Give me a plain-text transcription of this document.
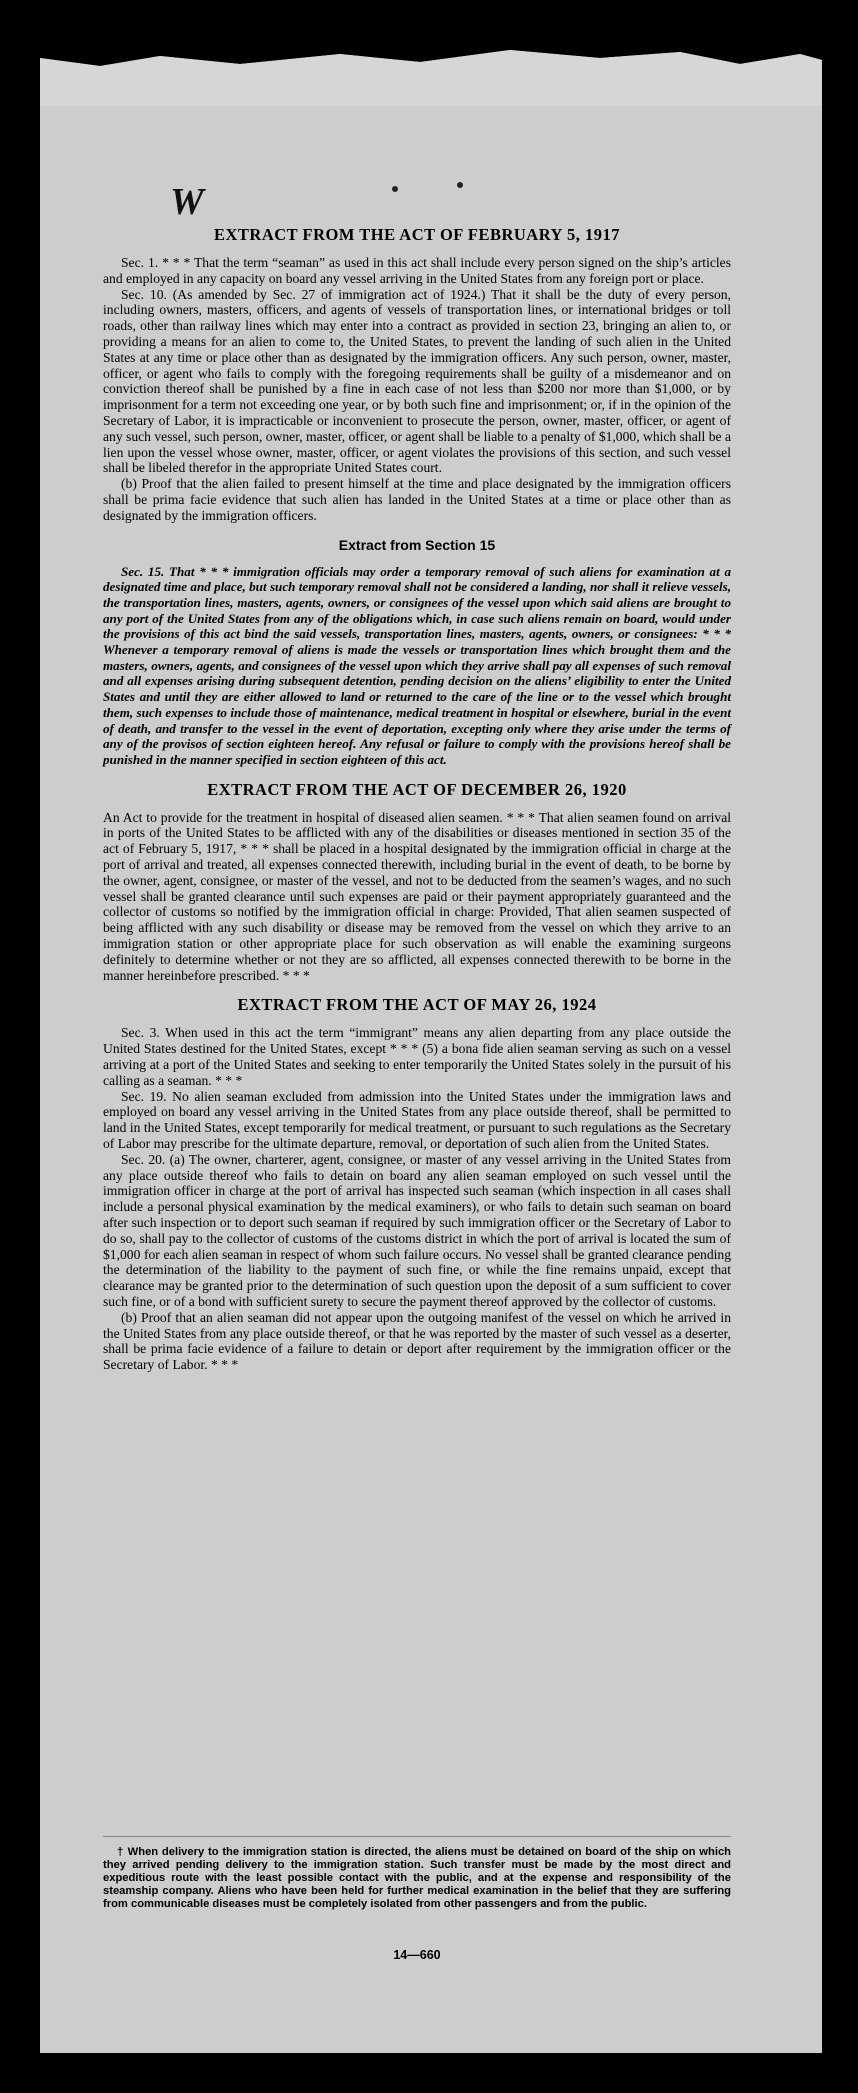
W
EXTRACT FROM THE ACT OF FEBRUARY 5, 1917

Sec. 1. * * * That the term “seaman” as used in this act shall include every person signed on the ship’s articles and employed in any capacity on board any vessel arriving in the United States from any foreign port or place.

Sec. 10. (As amended by Sec. 27 of immigration act of 1924.) That it shall be the duty of every person, including owners, masters, officers, and agents of vessels of transportation lines, or international bridges or toll roads, other than railway lines which may enter into a contract as provided in section 23, bringing an alien to, or providing a means for an alien to come to, the United States, to prevent the landing of such alien in the United States at any time or place other than as designated by the immigration officers. Any such person, owner, master, officer, or agent who fails to comply with the foregoing requirements shall be guilty of a misdemeanor and on conviction thereof shall be punished by a fine in each case of not less than $200 nor more than $1,000, or by imprisonment for a term not exceeding one year, or by both such fine and imprisonment; or, if in the opinion of the Secretary of Labor, it is impracticable or inconvenient to prosecute the person, owner, master, officer, or agent of any such vessel, such person, owner, master, officer, or agent shall be liable to a penalty of $1,000, which shall be a lien upon the vessel whose owner, master, officer, or agent violates the provisions of this section, and such vessel shall be libeled therefor in the appropriate United States court.

(b) Proof that the alien failed to present himself at the time and place designated by the immigration officers shall be prima facie evidence that such alien has landed in the United States at a time or place other than as designated by the immigration officers.

Extract from Section 15

Sec. 15. That * * * immigration officials may order a temporary removal of such aliens for examination at a designated time and place, but such temporary removal shall not be considered a landing, nor shall it relieve vessels, the transportation lines, masters, agents, owners, or consignees of the vessel upon which said aliens are brought to any port of the United States from any of the obligations which, in case such aliens remain on board, would under the provisions of this act bind the said vessels, transportation lines, masters, agents, owners, or consignees: * * * Whenever a temporary removal of aliens is made the vessels or transportation lines which brought them and the masters, owners, agents, and consignees of the vessel upon which they arrive shall pay all expenses of such removal and all expenses arising during subsequent detention, pending decision on the aliens’ eligibility to enter the United States and until they are either allowed to land or returned to the care of the line or to the vessel which brought them, such expenses to include those of maintenance, medical treatment in hospital or elsewhere, burial in the event of death, and transfer to the vessel in the event of deportation, excepting only where they arise under the terms of any of the provisos of section eighteen hereof. Any refusal or failure to comply with the provisions hereof shall be punished in the manner specified in section eighteen of this act.

EXTRACT FROM THE ACT OF DECEMBER 26, 1920

An Act to provide for the treatment in hospital of diseased alien seamen. * * * That alien seamen found on arrival in ports of the United States to be afflicted with any of the disabilities or diseases mentioned in section 35 of the act of February 5, 1917, * * * shall be placed in a hospital designated by the immigration official in charge at the port of arrival and treated, all expenses connected therewith, including burial in the event of death, to be borne by the owner, agent, consignee, or master of the vessel, and not to be deducted from the seamen’s wages, and no such vessel shall be granted clearance until such expenses are paid or their payment appropriately guaranteed and the collector of customs so notified by the immigration official in charge: Provided, That alien seamen suspected of being afflicted with any such disability or disease may be removed from the vessel on which they arrive to an immigration station or other appropriate place for such observation as will enable the examining surgeons definitely to determine whether or not they are so afflicted, all expenses connected therewith to be borne in the manner hereinbefore prescribed. * * *

EXTRACT FROM THE ACT OF MAY 26, 1924

Sec. 3. When used in this act the term “immigrant” means any alien departing from any place outside the United States destined for the United States, except * * * (5) a bona fide alien seaman serving as such on a vessel arriving at a port of the United States and seeking to enter temporarily the United States solely in the pursuit of his calling as a seaman. * * *

Sec. 19. No alien seaman excluded from admission into the United States under the immigration laws and employed on board any vessel arriving in the United States from any place outside thereof, shall be permitted to land in the United States, except temporarily for medical treatment, or pursuant to such regulations as the Secretary of Labor may prescribe for the ultimate departure, removal, or deportation of such alien from the United States.

Sec. 20. (a) The owner, charterer, agent, consignee, or master of any vessel arriving in the United States from any place outside thereof who fails to detain on board any alien seaman employed on such vessel until the immigration officer in charge at the port of arrival has inspected such seaman (which inspection in all cases shall include a personal physical examination by the medical examiners), or who fails to detain such seaman on board after such inspection or to deport such seaman if required by such immigration officer or the Secretary of Labor to do so, shall pay to the collector of customs of the customs district in which the port of arrival is located the sum of $1,000 for each alien seaman in respect of whom such failure occurs. No vessel shall be granted clearance pending the determination of the liability to the payment of such fine, or while the fine remains unpaid, except that clearance may be granted prior to the determination of such question upon the deposit of a sum sufficient to cover such fine, or of a bond with sufficient surety to secure the payment thereof approved by the collector of customs.

(b) Proof that an alien seaman did not appear upon the outgoing manifest of the vessel on which he arrived in the United States from any place outside thereof, or that he was reported by the master of such vessel as a deserter, shall be prima facie evidence of a failure to detain or deport after requirement by the immigration officer or the Secretary of Labor. * * *

† When delivery to the immigration station is directed, the aliens must be detained on board of the ship on which they arrived pending delivery to the immigration station. Such transfer must be made by the most direct and expeditious route with the least possible contact with the public, and at the expense and responsibility of the steamship company. Aliens who have been held for further medical examination in the belief that they are suffering from communicable diseases must be completely isolated from other passengers and from the public.

14—660
